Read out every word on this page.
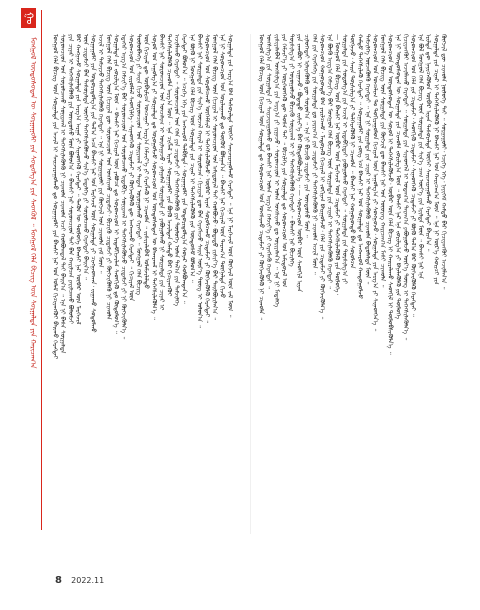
ᠭᠣ
ᠮᠣᠩᠭᠣᠯ ᠦᠨᠳᠦᠰᠦᠲᠡᠨ ᠦ ᠰᠤᠷᠭᠠᠭᠤᠯᠢ ᠶᠢᠨ ᠰᠤᠳᠤᠯᠭ᠎ᠠ ᠶᠢᠨ ᠰᠡᠳᠬᠦᠯ ᠃ ᠮᠣᠩᠭᠣᠯ ᠬᠡᠯᠡ ᠪᠢᠴᠢᠭ᠌ ᠦᠨ ᠰᠤᠷᠭᠠᠯᠲᠠ ᠶᠢᠨ ᠬᠠᠷᠢᠴᠠᠭ᠎ᠠ	ᠮᠣᠩᠭᠣᠯ ᠬᠡᠯᠡ ᠪᠢᠴᠢᠭ᠌ ᠦᠨ ᠰᠤᠷᠭᠠᠯᠲᠠ ᠶᠢᠨ ᠠᠵᠢᠯ ᠢ ᠰᠠᠢᠵᠢᠷᠠᠭᠤᠯᠬᠤ ᠳᠤ ᠰᠤᠷᠭᠠᠭᠤᠯᠢ ᠶᠢᠨ ᠪᠠᠭᠰᠢ ᠨᠠᠷ ᠤᠨ ᠤᠯᠠᠮ ᠬᠢᠴᠢᠶᠡᠩᠭᠦᠢ ᠪᠠᠢᠬᠤ ᠬᠡᠷᠡᠭᠲᠡᠢ ᠰᠤᠷᠤᠭᠴᠢᠳ ᠤᠨ ᠰᠤᠷᠤᠯᠴᠠᠬᠤ ᠰᠣᠨᠢᠷᠬᠠᠯ ᠢ ᠳᠡᠭᠡᠭᠰᠢᠯᠡᠭᠦᠯᠬᠦ ᠨᠢ ᠴᠢᠬᠤᠯᠠ ᠴᠢᠬᠤᠯᠠ ᠠᠴᠢ ᠬᠣᠯᠪᠣᠭᠳᠠᠯ ᠲᠠᠢ ᠪᠠᠢᠨ᠎ᠠ ᠃ ᠡᠨᠡ ᠨᠢ ᠪᠠᠰᠠ ᠰᠤᠷᠭᠠᠯᠲᠠ ᠶᠢᠨ ᠴᠢᠨᠠᠷ ᠢ ᠳᠡᠭᠡᠭᠰᠢᠯᠡᠭᠦᠯᠬᠦ ᠶᠢᠨ ᠦᠨᠳᠦᠰᠦ ᠮᠦᠨ ᠪᠣᠯᠤᠨ᠎ᠠ ᠃ ᠪᠠᠭᠰᠢ ᠨᠠᠷ ᠰᠤᠷᠤᠭᠴᠢᠳ ᠲᠠᠢ ᠪᠠᠨ ᠬᠠᠷᠢᠯᠴᠠᠨ ᠶᠠᠷᠢᠯᠴᠠᠬᠤ ᠪᠣᠯᠤᠮᠵᠢ ᠪᠠᠷ ᠬᠠᠩᠭᠠᠵᠤ ᠰᠤᠷᠭᠠᠯᠲᠠ ᠶᠢᠨ ᠠᠷᠭ᠎ᠠ ᠠᠷᠭᠠ ᠶᠢ ᠰᠢᠨᠡᠳᠭᠡᠬᠦ ᠬᠡᠷᠡᠭᠲᠡᠢ ᠃ ᠲᠡᠭᠦᠨ ᠦ ᠲᠥᠯᠦᠭᠡ ᠪᠠᠭᠰᠢ ᠨᠠᠷ ᠥᠪᠡᠷ ᠦᠨ ᠮᠡᠷᠭᠡᠵᠢᠯ ᠦᠨ ᠴᠢᠳᠠᠮᠵᠢ ᠪᠠᠨ ᠲᠠᠰᠤᠷᠠᠯᠲᠠ ᠦᠭᠡᠢ ᠳᠡᠭᠡᠭᠰᠢᠯᠡᠭᠦᠯᠵᠦ ᠰᠢᠨ᠎ᠡ ᠮᠡᠳᠡᠯᠭᠡ ᠶᠢ ᠰᠤᠷᠤᠯᠴᠠᠬᠤ ᠬᠡᠷᠡᠭᠲᠡᠢ ᠪᠠᠢᠨ᠎ᠠ ᠃ ᠰᠤᠷᠭᠠᠭᠤᠯᠢ ᠶᠢᠨ ᠤᠳᠤᠷᠢᠳᠤᠯᠭ᠎ᠠ ᠶᠢᠨ ᠲᠠᠯ᠎ᠠ ᠠᠴᠠ ᠪᠠᠭᠰᠢ ᠨᠠᠷ ᠤᠨ ᠮᠡᠷᠭᠡᠵᠢᠯ ᠦᠨ ᠰᠤᠷᠭᠠᠯᠲᠠ ᠶᠢ ᠴᠢᠩᠭᠠᠳᠬᠠᠨ᠂ ᠵᠢᠭᠠᠬᠤ ᠰᠤᠳᠤᠯᠬᠤ ᠠᠵᠢᠯ ᠢ ᠳᠡᠮᠵᠢᠵᠦ ᠳᠡᠭᠡᠭᠰᠢᠯᠡᠭᠦᠯᠬᠦ ᠬᠡᠷᠡᠭᠲᠡᠢ ᠃ ᠡᠨᠡ ᠨᠢ ᠰᠤᠷᠭᠠᠭᠤᠯᠢ ᠶᠢᠨ ᠬᠥᠭᠵᠢᠯ ᠤᠨ ᠴᠢᠬᠤᠯᠠ ᠵᠠᠮ ᠮᠦᠨ ᠃ ᠮᠣᠩᠭᠣᠯ ᠬᠡᠯᠡ ᠪᠢᠴᠢᠭ᠌ ᠦᠨ ᠬᠢᠴᠢᠶᠡᠯ ᠳᠦ ᠰᠤᠷᠤᠭᠴᠢᠳ ᠤᠨ ᠤᠩᠰᠢᠬᠤ ᠴᠢᠳᠠᠮᠵᠢ᠂ ᠪᠢᠴᠢᠬᠦ ᠴᠢᠳᠠᠮᠵᠢ ᠶᠢ ᠬᠥᠭᠵᠢᠭᠦᠯᠬᠦ ᠨᠢ ᠴᠢᠬᠤᠯᠠ ᠰᠤᠷᠭᠠᠯᠲᠠ ᠶᠢᠨ ᠵᠣᠷᠢᠯᠭ᠎ᠠ ᠮᠦᠨ ᠃ ᠪᠠᠭᠰᠢ ᠨᠠᠷ ᠬᠢᠴᠢᠶᠡᠯ ᠦᠨ ᠶᠠᠪᠤᠴᠠ ᠳᠤ ᠰᠤᠷᠤᠭᠴᠢᠳ ᠢ ᠢᠳᠡᠪᠬᠢᠵᠢᠯᠡᠨ ᠰᠡᠳᠬᠢᠬᠦ ᠳᠤ ᠬᠥᠲᠥᠯᠦᠨ᠎ᠡ ᠃ ᠡᠳᠡᠭᠡᠷ ᠠᠷᠭ᠎ᠠ ᠬᠡᠮᠵᠢᠶ᠎ᠡ ᠪᠡᠷ ᠰᠤᠷᠤᠭᠴᠢᠳ ᠤᠨ ᠰᠤᠷᠤᠯᠴᠠᠬᠤ ᠢᠳᠡᠪᠬᠢ ᠰᠣᠨᠢᠷᠬᠠᠯ ᠢ ᠳᠡᠭᠡᠭᠰᠢᠯᠡᠭᠦᠯᠵᠦ ᠴᠢᠳᠠᠮᠵᠢ ᠶᠢ ᠨᠢ ᠬᠥᠭᠵᠢᠭᠦᠯᠨ᠎ᠡ ᠃ ᠰᠤᠷᠤᠭᠴᠢᠳ ᠤᠨ ᠵᠢᠷᠤᠮᠯᠠᠯ ᠰᠡᠳᠬᠢᠯᠭᠡ᠂ ᠰᠢᠨᠡᠳᠭᠡᠬᠦ ᠴᠢᠳᠠᠮᠵᠢ ᠶᠢ ᠬᠥᠭᠵᠢᠭᠦᠯᠬᠦ ᠳᠦ ᠠᠩᠬᠠᠷᠬᠤ ᠬᠡᠷᠡᠭᠲᠡᠢ ᠃ ᠬᠢᠴᠢᠶᠡᠯ ᠦᠨ ᠲᠥᠯᠥᠪᠯᠡᠭᠡ ᠶᠢ ᠰᠠᠢᠨ ᠬᠢᠵᠦ ᠰᠤᠷᠤᠭᠴᠢᠳ ᠤᠨ ᠰᠣᠨᠢᠷᠬᠠᠯ ᠢ ᠲᠠᠲᠠᠨ ᠣᠷᠣᠭᠤᠯᠬᠤ ᠬᠡᠷᠡᠭᠲᠡᠢ ᠃ ᠮᠣᠩᠭᠣᠯ ᠬᠡᠯᠡ ᠪᠢᠴᠢᠭ᠌ ᠦᠨ ᠬᠢᠴᠢᠶᠡᠯ ᠳᠦ ᠥᠪᠡᠷᠮᠢᠴᠡ ᠤᠨᠴᠠᠭᠠᠢ ᠠᠷᠭ᠎ᠠ ᠬᠡᠮᠵᠢᠶ᠎ᠡ ᠶᠢ ᠬᠡᠷᠡᠭᠯᠡᠬᠦ ᠨᠢ ᠴᠢᠬᠤᠯᠠ ᠃ ᠵᠢᠱᠢᠶᠡᠯᠡᠪᠡᠯ ᠤᠯᠠᠮᠵᠢᠯᠠᠯᠲᠤ ᠰᠤᠶᠤᠯ ᠤᠨ ᠠᠭᠤᠯᠭ᠎ᠠ ᠶᠢ ᠰᠤᠷᠭᠠᠯᠲᠠ ᠳᠤ ᠣᠷᠣᠭᠤᠯᠵᠤ ᠰᠤᠷᠤᠭᠴᠢᠳ ᠤᠨ ᠦᠨᠳᠦᠰᠦᠲᠡᠨ ᠦ ᠪᠠᠬᠠᠷᠬᠠᠯ ᠢ ᠳᠡᠭᠡᠭᠰᠢᠯᠡᠭᠦᠯᠨ᠎ᠡ ᠃ ᠪᠠᠭᠰᠢ ᠨᠠᠷ ᠰᠤᠷᠤᠭᠴᠢᠳ ᠤᠨ ᠣᠨᠴᠠᠯᠢᠭ ᠢ ᠣᠢᠯᠠᠭᠠᠵᠤ᠂ ᠶᠠᠯᠭᠠᠮᠠᠯ ᠰᠤᠷᠭᠠᠯᠲᠠ ᠶᠢ ᠶᠠᠪᠤᠭᠤᠯᠬᠤ ᠨᠢ ᠰᠤᠷᠭᠠᠯᠲᠠ ᠶᠢᠨ ᠴᠢᠨᠠᠷ ᠢ ᠳᠡᠭᠡᠭᠰᠢᠯᠡᠭᠦᠯᠬᠦ ᠴᠢᠬᠤᠯᠠ ᠠᠷᠭ᠎ᠠ ᠮᠦᠨ ᠃ ᠡᠨᠡ ᠴᠢᠭᠯᠡᠯ ᠢᠶᠡᠷ ᠰᠤᠷᠭᠠᠭᠤᠯᠢ ᠶᠢᠨ ᠪᠦᠬᠦ ᠠᠵᠢᠯᠲᠠᠨ ᠬᠠᠮᠲᠤ ᠪᠠᠷ ᠬᠢᠴᠢᠶᠡᠩᠭᠦᠢ ᠠᠵᠢᠯᠯᠠᠬᠤ ᠬᠡᠷᠡᠭᠲᠡᠢ ᠃ ᠰᠤᠷᠤᠭᠴᠢᠳ ᠤᠨ ᠬᠡᠯᠡ ᠶᠢᠨ ᠴᠢᠳᠠᠮᠵᠢ ᠶᠢ ᠳᠡᠭᠡᠭᠰᠢᠯᠡᠭᠦᠯᠬᠦ ᠶᠢᠨ ᠲᠥᠯᠦᠭᠡ ᠣᠯᠠᠨ ᠲᠠᠯ᠎ᠠ ᠶᠢᠨ ᠳᠡᠮᠵᠢᠯᠭᠡ ᠬᠡᠷᠡᠭᠲᠡᠢ ᠪᠣᠯᠤᠨ᠎ᠠ ᠃ ᠡᠴᠢᠭᠡ ᠡᠬᠡ ᠶᠢᠨ ᠠᠩᠬᠠᠷᠤᠯ ᠲᠠᠯᠪᠢᠯᠲᠠ᠂ ᠰᠤᠷᠭᠠᠭᠤᠯᠢ ᠶᠢᠨ ᠤᠳᠤᠷᠢᠳᠤᠯᠭ᠎ᠠ ᠬᠣᠶᠠᠷ ᠬᠣᠯᠪᠣᠭᠳᠠᠨ᠎ᠠ ᠃ ᠡᠨᠡ ᠪᠦᠬᠦ ᠨᠢ ᠮᠣᠩᠭᠣᠯ ᠬᠡᠯᠡ ᠪᠢᠴᠢᠭ᠌ ᠦᠨ ᠰᠤᠷᠭᠠᠯᠲᠠ ᠶᠢᠨ ᠴᠢᠨᠠᠷ ᠢ ᠳᠡᠭᠡᠭᠰᠢᠯᠡᠭᠦᠯᠬᠦ ᠶᠢᠨ ᠦᠨᠳᠦᠰᠦ ᠪᠣᠯᠤᠨ᠎ᠠ ᠃ ᠪᠠᠭᠰᠢ ᠨᠠᠷ ᠰᠤᠷᠭᠠᠯᠲᠠ ᠶᠢᠨ ᠰᠢᠨ᠎ᠡ ᠦᠵᠡᠯ ᠬᠠᠷᠠᠯ ᠢ ᠰᠤᠷᠤᠯᠴᠠᠨ᠂ ᠬᠢᠴᠢᠶᠡᠯ ᠳᠦ ᠪᠡᠨ ᠬᠡᠷᠡᠭᠯᠡᠵᠦ ᠰᠠᠢᠨ ᠦᠷ᠎ᠡ ᠳᠦᠩ ᠢ ᠣᠯᠤᠨ᠎ᠠ ᠃ ᠰᠤᠷᠤᠭᠴᠢᠳ ᠤᠨ ᠰᠤᠷᠤᠯᠴᠠᠬᠤ ᠥᠬᠡᠮᠰᠢᠯ ᠢ ᠳᠡᠭᠡᠭᠰᠢᠯᠡᠭᠦᠯᠵᠦ᠂ ᠥᠪᠡᠷ ᠢᠶᠡᠨ ᠰᠤᠷᠤᠯᠴᠠᠬᠤ ᠴᠢᠳᠠᠮᠵᠢ ᠶᠢ ᠬᠥᠭᠵᠢᠭᠦᠯᠬᠦ ᠬᠡᠷᠡᠭᠲᠡᠢ ᠃ ᠮᠣᠩᠭᠣᠯ ᠬᠡᠯᠡ ᠪᠢᠴᠢᠭ᠌ ᠦᠨ ᠬᠢᠴᠢᠶᠡᠯ ᠢ ᠰᠤᠷᠤᠭᠴᠢᠳ ᠤᠨ ᠠᠮᠢᠳᠤᠷᠠᠯ ᠲᠠᠢ ᠬᠣᠯᠪᠣᠵᠤ᠂ ᠪᠣᠳᠠᠲᠤ ᠵᠢᠱᠢᠶ᠎ᠡ ᠪᠡᠷ ᠲᠠᠢᠯᠪᠤᠷᠢᠯᠠᠨ᠎ᠠ ᠃ ᠡᠨᠡ ᠨᠢ ᠰᠤᠷᠤᠭᠴᠢᠳ ᠤᠨ ᠣᠢᠯᠠᠭᠠᠬᠤ ᠳᠤ ᠳᠥᠭᠥᠮ ᠪᠣᠯᠭᠠᠨ᠎ᠠ ᠃ ᠪᠠᠭᠰᠢ ᠨᠠᠷ ᠬᠢᠴᠢᠶᠡᠯ ᠦᠨ ᠳᠠᠷᠠᠭ᠎ᠠ ᠳᠦᠭᠨᠡᠯᠲᠡ ᠬᠢᠵᠦ ᠰᠤᠷᠭᠠᠯᠲᠠ ᠶᠢᠨ ᠠᠷᠭ᠎ᠠ ᠪᠠᠨ ᠲᠠᠰᠤᠷᠠᠯᠲᠠ ᠦᠭᠡᠢ ᠰᠠᠢᠵᠢᠷᠠᠭᠤᠯᠬᠤ ᠬᠡᠷᠡᠭᠲᠡᠢ ᠃ ᠡᠨᠡ ᠨᠢ ᠮᠡᠷᠭᠡᠵᠢᠯ ᠦᠨ ᠬᠥᠭᠵᠢᠯ ᠦᠨ ᠵᠠᠮ ᠮᠦᠨ ᠃	ᠮᠣᠩᠭᠣᠯ ᠬᠡᠯᠡ ᠪᠢᠴᠢᠭ᠌ ᠦᠨ ᠬᠢᠴᠢᠶᠡᠯ ᠦᠨ ᠰᠤᠷᠭᠠᠯᠲᠠ ᠳᠤ ᠰᠤᠷᠤᠭᠴᠢᠳ ᠤᠨ ᠤᠩᠰᠢᠬᠤ ᠴᠢᠳᠠᠮᠵᠢ ᠶᠢ ᠬᠥᠭᠵᠢᠭᠦᠯᠬᠦ ᠨᠢ ᠴᠢᠬᠤᠯᠠ ᠃ ᠤᠩᠰᠢᠯᠭ᠎ᠠ ᠶᠢᠨ ᠰᠤᠷᠭᠠᠯᠲᠠ ᠶᠢ ᠰᠠᠢᠵᠢᠷᠠᠭᠤᠯᠬᠤ ᠳᠤ ᠪᠠᠭᠰᠢ ᠨᠠᠷ ᠣᠯᠠᠨ ᠠᠷᠭ᠎ᠠ ᠬᠡᠮᠵᠢᠶ᠎ᠡ ᠶᠢ ᠬᠡᠷᠡᠭᠯᠡᠬᠦ ᠬᠡᠷᠡᠭᠲᠡᠢ ᠃ ᠵᠢᠱᠢᠶᠡᠯᠡᠪᠡᠯ ᠤᠩᠰᠢᠯᠭ᠎ᠠ ᠶᠢᠨ ᠠᠷᠭ᠎ᠠ ᠶᠢ ᠵᠢᠭᠠᠵᠤ᠂ ᠰᠤᠷᠤᠭᠴᠢᠳ ᠢ ᠣᠯᠠᠨ ᠤᠩᠰᠢᠬᠤ ᠳᠤ ᠤᠷᠢᠶᠠᠯᠠᠨ᠎ᠠ ᠃ ᠡᠨᠡ ᠨᠢ ᠮᠡᠳᠡᠯᠭᠡ ᠶᠢᠨ ᠬᠡᠮᠵᠢᠶ᠎ᠡ ᠶᠢ ᠥᠷᠭᠡᠳᠭᠡᠬᠦ ᠳᠦ ᠲᠤᠰᠠ ᠲᠠᠢ ᠃ ᠪᠢᠴᠢᠯᠭᠡ ᠶᠢᠨ ᠰᠤᠷᠭᠠᠯᠲᠠ ᠳᠤ ᠰᠤᠷᠤᠭᠴᠢᠳ ᠤᠨ ᠠᠮᠢᠳᠤᠷᠠᠯ ᠤᠨ ᠲᠤᠷᠰᠢᠯᠭ᠎ᠠ ᠶᠢ ᠣᠷᠣᠭᠤᠯᠵᠤ ᠪᠢᠴᠢᠬᠦ ᠰᠣᠨᠢᠷᠬᠠᠯ ᠢ ᠨᠢ ᠳᠡᠭᠡᠭᠰᠢᠯᠡᠭᠦᠯᠬᠦ ᠬᠡᠷᠡᠭᠲᠡᠢ ᠃ ᠪᠠᠭᠰᠢ ᠨᠠᠷ ᠪᠢᠴᠢᠯᠭᠡ ᠶᠢᠨ ᠵᠠᠭᠪᠤᠷ ᠢ ᠵᠢᠭᠠᠵᠤ᠂ ᠪᠣᠳᠠᠲᠤ ᠵᠢᠱᠢᠶ᠎ᠡ ᠪᠡᠷ ᠬᠥᠲᠥᠯᠪᠦᠷᠢᠯᠡᠨ᠎ᠡ ᠃ — ᠰᠤᠷᠤᠭᠴᠢᠳ ᠥᠪᠡᠷ ᠦᠨ ᠰᠡᠳᠬᠢᠯ ᠢᠶᠡᠨ ᠴᠢᠯᠦᠭᠡᠲᠡᠢ ᠢᠯᠡᠷᠡᠭᠦᠯᠬᠦ ᠳᠦ ᠰᠤᠷᠤᠨ᠎ᠠ ᠃ ᠡᠨᠡ ᠨᠢ ᠪᠢᠴᠢᠬᠦ ᠴᠢᠳᠠᠮᠵᠢ ᠶᠢᠨ ᠦᠨᠳᠦᠰᠦ ᠮᠦᠨ ᠃ ᠬᠡᠯᠡ ᠶᠢᠨ ᠬᠡᠷᠡᠭᠯᠡᠭᠡ ᠶᠢᠨ ᠰᠤᠷᠭᠠᠯᠲᠠ ᠳᠤ ᠶᠠᠷᠢᠭ᠎ᠠ ᠶᠢᠨ ᠴᠢᠳᠠᠮᠵᠢ ᠶᠢ ᠳᠡᠭᠡᠭᠰᠢᠯᠡᠭᠦᠯᠬᠦ ᠨᠢ ᠴᠢᠬᠤᠯᠠ ᠠᠵᠢᠯ ᠮᠦᠨ ᠃ ᠰᠤᠷᠤᠭᠴᠢᠳ ᠬᠣᠭᠣᠷᠣᠨᠳᠤ ᠪᠡᠨ ᠶᠠᠷᠢᠯᠴᠠᠬᠤ᠂ ᠮᠡᠲᠦᠷᠡᠬᠦ ᠬᠢᠴᠢᠶᠡᠯ ᠢ ᠵᠣᠬᠢᠶᠠᠨ ᠪᠠᠢᠭᠤᠯᠵᠤ᠂ ᠬᠡᠯᠡ ᠶᠢᠨ ᠴᠢᠳᠠᠮᠵᠢ ᠶᠢ ᠬᠥᠭᠵᠢᠭᠦᠯᠨ᠎ᠡ ᠃ ᠡᠨᠡ ᠪᠦᠬᠦ ᠠᠷᠭ᠎ᠠ ᠬᠡᠮᠵᠢᠶ᠎ᠡ ᠪᠡᠷ ᠮᠣᠩᠭᠣᠯ ᠬᠡᠯᠡ ᠪᠢᠴᠢᠭ᠌ ᠦᠨ ᠰᠤᠷᠭᠠᠯᠲᠠ ᠶᠢᠨ ᠴᠢᠨᠠᠷ ᠢ ᠳᠡᠭᠡᠭᠰᠢᠯᠡᠭᠦᠯᠬᠦ ᠬᠡᠷᠡᠭᠲᠡᠢ ᠃ — ᠮᠣᠩᠭᠣᠯ ᠬᠡᠯᠡ ᠪᠢᠴᠢᠭ᠌ ᠦᠨ ᠪᠠᠭᠰᠢ ᠨᠠᠷ ᠥᠪᠡᠷ ᠦᠨ ᠮᠡᠷᠭᠡᠵᠢᠯ ᠦᠨ ᠴᠢᠳᠠᠮᠵᠢ ᠶᠢ ᠳᠡᠭᠡᠭᠰᠢᠯᠡᠭᠦᠯᠬᠦ ᠶᠢᠨ ᠲᠥᠯᠦᠭᠡ᠂ ᠰᠤᠷᠭᠠᠯᠲᠠ ᠶᠢᠨ ᠰᠤᠳᠤᠯᠭ᠎ᠠ ᠶᠢᠨ ᠠᠵᠢᠯ ᠢ ᠢᠳᠡᠪᠬᠢᠲᠡᠢ ᠶᠠᠪᠤᠭᠤᠯᠬᠤ ᠬᠡᠷᠡᠭᠲᠡᠢ ᠃ ᠰᠤᠷᠭᠠᠯᠲᠠ ᠶᠢᠨ ᠲᠤᠷᠰᠢᠯᠭ᠎ᠠ ᠶᠢ ᠳᠦᠭᠨᠡᠵᠦ᠂ ᠰᠠᠢᠨ ᠲᠤᠷᠰᠢᠯᠭ᠎ᠠ ᠶᠢ ᠳᠡᠯᠭᠡᠷᠡᠭᠦᠯᠬᠦ ᠨᠢ ᠴᠢᠬᠤᠯᠠ ᠃ ᠪᠠᠭᠰᠢ ᠨᠠᠷ ᠬᠣᠭᠣᠷᠣᠨᠳᠤ ᠪᠡᠨ ᠰᠤᠷᠤᠯᠴᠠᠨ ᠬᠠᠮᠲᠤ ᠳᠡᠭᠡᠭᠰᠢᠯᠡᠬᠦ ᠬᠡᠷᠡᠭᠲᠡᠢ ᠃ ᠰᠤᠷᠭᠠᠭᠤᠯᠢ ᠶᠢᠨ ᠵᠦᠭ ᠡᠴᠡ ᠪᠠᠭᠰᠢ ᠨᠠᠷ ᠤᠨ ᠰᠤᠷᠭᠠᠯᠲᠠ ᠳᠤ ᠠᠩᠬᠠᠷᠤᠯ ᠬᠠᠨᠳᠤᠭᠤᠯᠵᠤ ᠳᠡᠮᠵᠢᠯᠭᠡ ᠦᠵᠡᠭᠦᠯᠬᠦ ᠬᠡᠷᠡᠭᠲᠡᠢ ᠃ ᠡᠨᠡ ᠨᠢ ᠰᠤᠷᠭᠠᠯᠲᠠ ᠶᠢᠨ ᠴᠢᠨᠠᠷ ᠢ ᠳᠡᠭᠡᠭᠰᠢᠯᠡᠭᠦᠯᠬᠦ ᠴᠢᠬᠤᠯᠠ ᠪᠠᠲᠤᠯᠠᠯᠲᠠ ᠮᠦᠨ ᠃ ᠰᠤᠷᠤᠭᠴᠢᠳ ᠤᠨ ᠣᠨᠴᠠᠯᠢᠭ ᠲᠤ ᠲᠣᠬᠢᠷᠠᠭᠤᠯᠤᠨ ᠬᠢᠴᠢᠶᠡᠯ ᠦᠨ ᠠᠭᠤᠯᠭ᠎ᠠ ᠶᠢ ᠰᠣᠩᠭᠣᠵᠤ᠂ ᠰᠤᠷᠭᠠᠯᠲᠠ ᠶᠢᠨ ᠠᠷᠭ᠎ᠠ ᠶᠢ ᠰᠢᠨᠡᠳᠭᠡᠨ᠎ᠡ ᠃ ᠮᠣᠩᠭᠣᠯ ᠬᠡᠯᠡ ᠪᠢᠴᠢᠭ᠌ ᠦᠨ ᠰᠤᠷᠭᠠᠯᠲᠠ ᠶᠢᠨ ᠬᠥᠭᠵᠢᠯ ᠳᠦ ᠪᠠᠭᠰᠢ ᠨᠠᠷ ᠤᠨ ᠦᠦᠷᠡᠭ ᠬᠠᠷᠢᠴᠠᠭ᠎ᠠ ᠮᠠᠰᠢ ᠴᠢᠬᠤᠯᠠ ᠃ ᠰᠤᠷᠤᠭᠴᠢᠳ ᠤᠨ ᠦᠨᠳᠦᠰᠦᠲᠡᠨ ᠦ ᠰᠣᠶᠤᠯ ᠢ ᠳᠡᠭᠡᠭᠰᠢᠯᠡᠭᠦᠯᠵᠦ᠂ ᠥᠪᠡᠷ ᠦᠨ ᠬᠡᠯᠡ ᠪᠢᠴᠢᠭ᠌ ᠢ ᠬᠠᠢᠷᠠᠯᠠᠬᠤ ᠰᠡᠳᠬᠢᠯ ᠢ ᠲᠥᠯᠦᠪᠰᠢᠭᠦᠯᠨ᠎ᠡ ᠃ ᠡᠨᠡ ᠨᠢ ᠦᠨᠳᠦᠰᠦᠲᠡᠨ ᠦ ᠰᠤᠷᠭᠠᠯᠲᠠ ᠶᠢᠨ ᠴᠢᠬᠤᠯᠠ ᠵᠣᠷᠢᠯᠭ᠎ᠠ ᠮᠦᠨ ᠃ ᠪᠠᠭᠰᠢ ᠨᠠᠷ ᠡᠨᠡ ᠵᠣᠷᠢᠯᠭ᠎ᠠ ᠶᠢ ᠪᠡᠶᠡᠯᠡᠭᠦᠯᠬᠦ ᠶᠢᠨ ᠲᠥᠯᠦᠭᠡ ᠬᠢᠴᠢᠶᠡᠩᠭᠦᠢ ᠠᠵᠢᠯᠯᠠᠬᠤ ᠬᠡᠷᠡᠭᠲᠡᠢ ᠃ ᠰᠤᠷᠭᠠᠯᠲᠠ ᠶᠢᠨ ᠰᠢᠨᠡᠳᠭᠡᠯ ᠢ ᠤᠳᠠᠭ᠎ᠠ ᠳᠠᠷᠠᠭ᠎ᠠ ᠶᠠᠪᠤᠭᠤᠯᠵᠤ ᠦᠷ᠎ᠡ ᠳᠦᠩ ᠢ ᠳᠡᠭᠡᠭᠰᠢᠯᠡᠭᠦᠯᠨ᠎ᠡ ᠃ ᠰᠤᠷᠤᠭᠴᠢᠳ ᠤᠨ ᠬᠡᠯᠡ ᠶᠢᠨ ᠴᠢᠳᠠᠮᠵᠢ᠂ ᠰᠡᠳᠬᠢᠬᠦ ᠴᠢᠳᠠᠮᠵᠢ᠂ ᠰᠢᠨᠡᠳᠭᠡᠬᠦ ᠴᠢᠳᠠᠮᠵᠢ ᠶᠢ ᠪᠦᠬᠦ ᠲᠠᠯ᠎ᠠ ᠪᠠᠷ ᠬᠥᠭᠵᠢᠭᠦᠯᠬᠦ ᠬᠡᠷᠡᠭᠲᠡᠢ ᠃ ᠡᠨᠡ ᠪᠣᠯ ᠮᠣᠩᠭᠣᠯ ᠬᠡᠯᠡ ᠪᠢᠴᠢᠭ᠌ ᠦᠨ ᠰᠤᠷᠭᠠᠯᠲᠠ ᠶᠢᠨ ᠰᠢᠨ᠎ᠡ ᠴᠠᠭ ᠦᠶ᠎ᠡ ᠶᠢᠨ ᠡᠷᠢᠯᠲᠡ ᠮᠦᠨ ᠃ ᠪᠠᠭᠰᠢ ᠨᠠᠷ ᠡᠨᠡ ᠡᠷᠢᠯᠲᠡ ᠳᠦ ᠨᠡᠶᠢᠴᠡᠭᠦᠯᠦᠨ ᠥᠪᠡᠷ ᠢᠶᠡᠨ ᠲᠠᠰᠤᠷᠠᠯᠲᠠ ᠦᠭᠡᠢ ᠰᠠᠢᠵᠢᠷᠠᠭᠤᠯᠬᠤ ᠬᠡᠷᠡᠭᠲᠡᠢ ᠪᠠᠢᠨ᠎ᠠ ᠃ ᠰᠤᠷᠭᠠᠯᠲᠠ ᠶᠢᠨ ᠴᠢᠨᠠᠷ ᠢ ᠳᠡᠭᠡᠭᠰᠢᠯᠡᠭᠦᠯᠬᠦ ᠨᠢ ᠪᠠᠭᠰᠢ ᠨᠠᠷ ᠤᠨ ᠬᠠᠷᠢᠴᠠᠭ᠎ᠠ ᠮᠦᠨ ᠃ ᠡᠨᠡ ᠨᠢ ᠦᠷ᠎ᠡ ᠬᠣᠢᠴᠢ ᠶᠢᠨ ᠬᠥᠭᠵᠢᠯ ᠳᠦ ᠴᠢᠬᠤᠯᠠ ᠨᠥᠯᠥᠭᠡ ᠲᠠᠢ ᠃ ᠰᠤᠷᠭᠠᠭᠤᠯᠢ᠂ ᠡᠴᠢᠭᠡ ᠡᠬᠡ᠂ ᠨᠡᠶᠢᠭᠡᠮ ᠬᠠᠮᠲᠤ ᠪᠠᠷ ᠬᠢᠴᠢᠶᠡᠩᠭᠦᠢ ᠠᠵᠢᠯᠯᠠᠨ᠎ᠠ ᠃
8 2022.11
